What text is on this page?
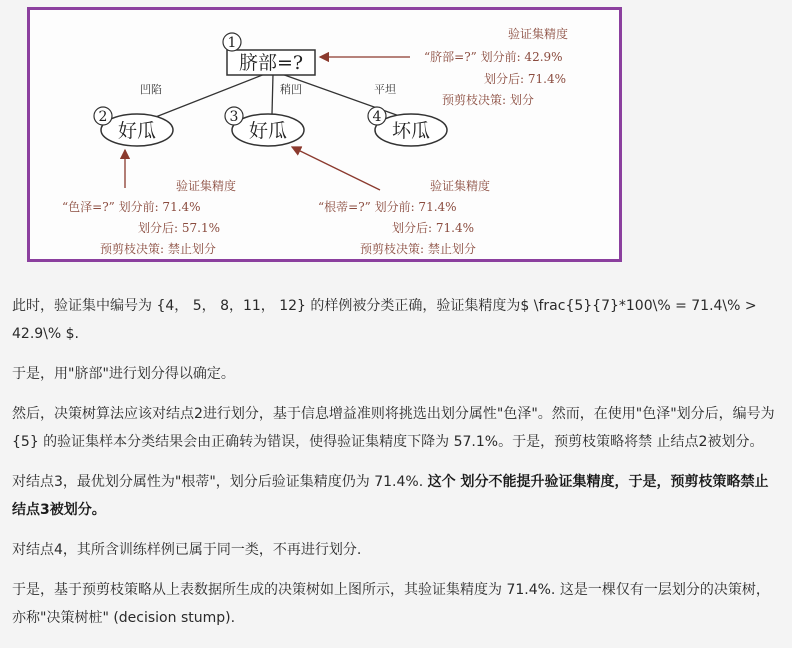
凹陷	稍凹	平坦
1
脐部=?
2
好瓜
3
好瓜
4
坏瓜
验证集精度
“脐部=?” 划分前: 42.9%
划分后: 71.4%
预剪枝决策: 划分
验证集精度
“色泽=?” 划分前: 71.4%
划分后: 57.1%
预剪枝决策: 禁止划分
验证集精度
“根蒂=?” 划分前: 71.4%
划分后: 71.4%
预剪枝决策: 禁止划分

此时，验证集中编号为 {4， 5， 8，11， 12} 的样例被分类正确，验证集精度为$ \frac{5}{7}*100\% = 71.4\% > 42.9\% $.

于是，用"脐部"进行划分得以确定。

然后，决策树算法应该对结点2进行划分，基于信息增益准则将挑选出划分属性"色泽"。然而，在使用"色泽"划分后，编号为 {5} 的验证集样本分类结果会由正确转为错误，使得验证集精度下降为 57.1%。于是，预剪枝策略将禁 止结点2被划分。

对结点3，最优划分属性为"根蒂"，划分后验证集精度仍为 71.4%. 这个 划分不能提升验证集精度，于是，预剪枝策略禁止结点3被划分。

对结点4，其所含训练样例已属于同一类，不再进行划分.

于是，基于预剪枝策略从上表数据所生成的决策树如上图所示，其验证集精度为 71.4%. 这是一棵仅有一层划分的决策树，亦称"决策树桩" (decision stump).
